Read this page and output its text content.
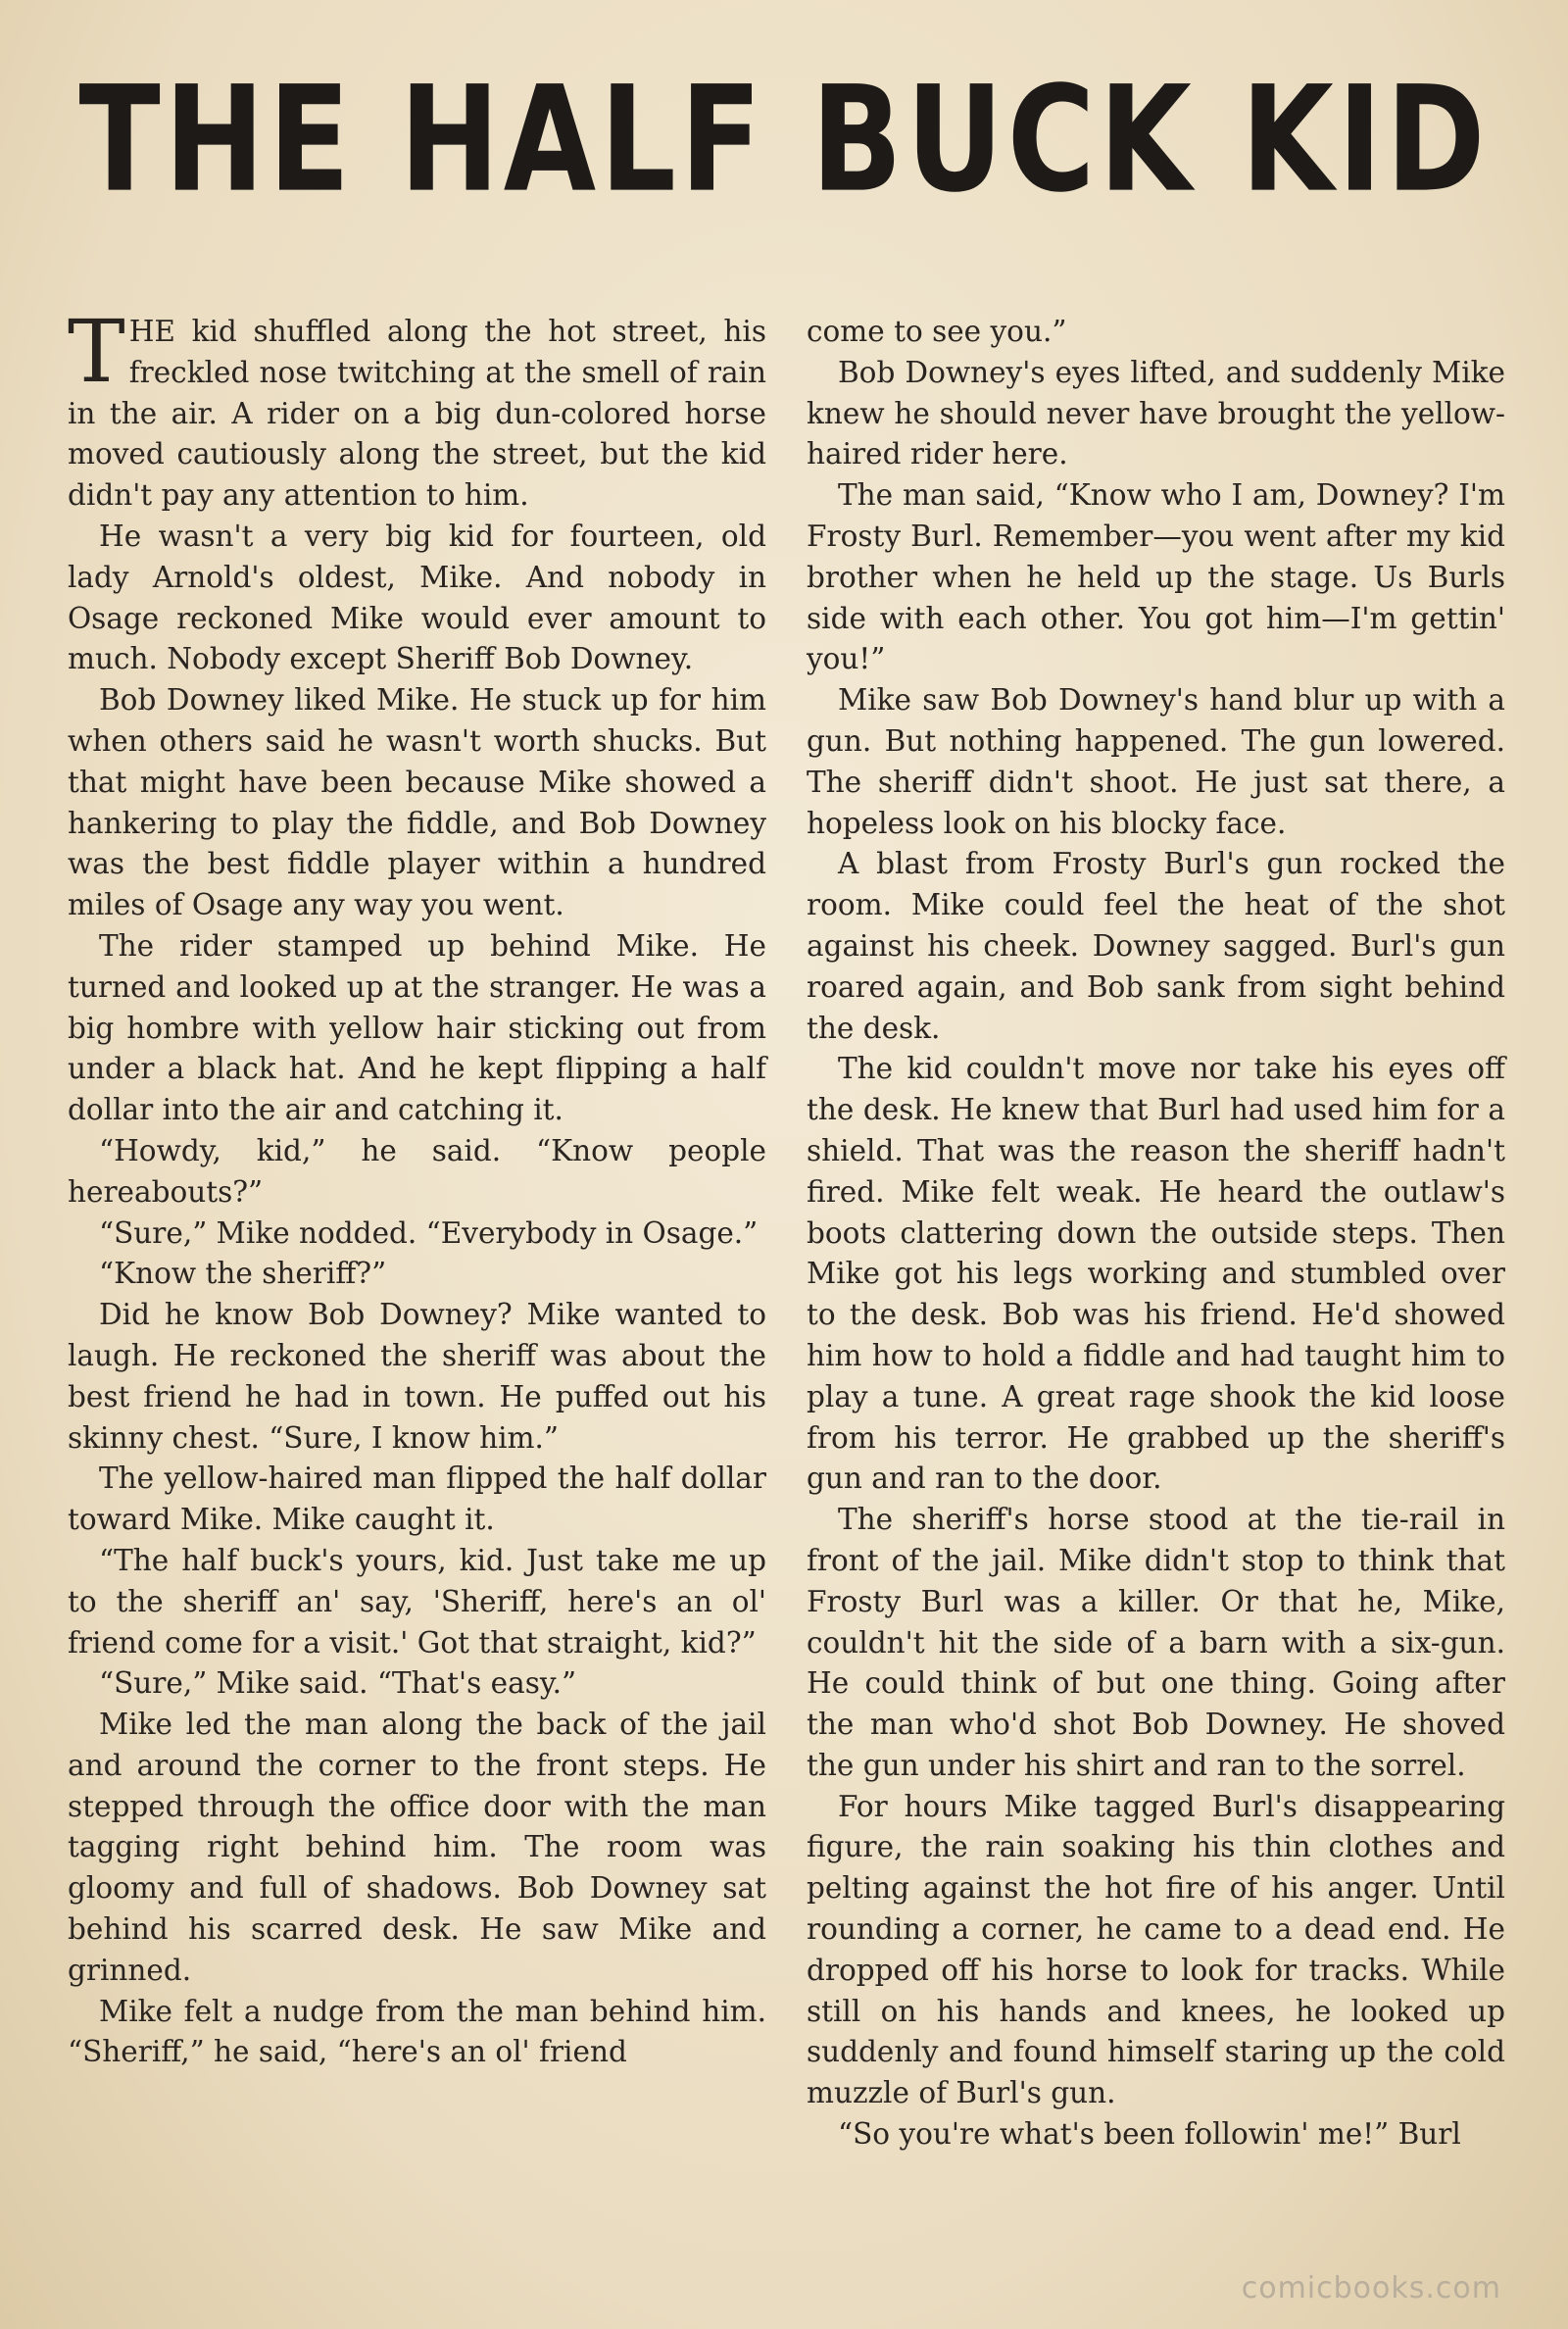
THE HALF BUCK KID

THE kid shuffled along the hot street, his freckled nose twitching at the smell of rain in the air. A rider on a big dun-colored horse moved cautiously along the street, but the kid didn't pay any attention to him.

He wasn't a very big kid for fourteen, old lady Arnold's oldest, Mike. And nobody in Osage reckoned Mike would ever amount to much. Nobody except Sheriff Bob Downey.

Bob Downey liked Mike. He stuck up for him when others said he wasn't worth shucks. But that might have been because Mike showed a hankering to play the fiddle, and Bob Downey was the best fiddle player within a hundred miles of Osage any way you went.

The rider stamped up behind Mike. He turned and looked up at the stranger. He was a big hombre with yellow hair sticking out from under a black hat. And he kept flipping a half dollar into the air and catching it.

“Howdy, kid,” he said. “Know people hereabouts?”

“Sure,” Mike nodded. “Everybody in Osage.”

“Know the sheriff?”

Did he know Bob Downey? Mike wanted to laugh. He reckoned the sheriff was about the best friend he had in town. He puffed out his skinny chest. “Sure, I know him.”

The yellow-haired man flipped the half dollar toward Mike. Mike caught it.

“The half buck's yours, kid. Just take me up to the sheriff an' say, 'Sheriff, here's an ol' friend come for a visit.' Got that straight, kid?”

“Sure,” Mike said. “That's easy.”

Mike led the man along the back of the jail and around the corner to the front steps. He stepped through the office door with the man tagging right behind him. The room was gloomy and full of shadows. Bob Downey sat behind his scarred desk. He saw Mike and grinned.

Mike felt a nudge from the man behind him. “Sheriff,” he said, “here's an ol' friend

come to see you.”

Bob Downey's eyes lifted, and suddenly Mike knew he should never have brought the yellow-haired rider here.

The man said, “Know who I am, Downey? I'm Frosty Burl. Remember—you went after my kid brother when he held up the stage. Us Burls side with each other. You got him—I'm gettin' you!”

Mike saw Bob Downey's hand blur up with a gun. But nothing happened. The gun lowered. The sheriff didn't shoot. He just sat there, a hopeless look on his blocky face.

A blast from Frosty Burl's gun rocked the room. Mike could feel the heat of the shot against his cheek. Downey sagged. Burl's gun roared again, and Bob sank from sight behind the desk.

The kid couldn't move nor take his eyes off the desk. He knew that Burl had used him for a shield. That was the reason the sheriff hadn't fired. Mike felt weak. He heard the outlaw's boots clattering down the outside steps. Then Mike got his legs working and stumbled over to the desk. Bob was his friend. He'd showed him how to hold a fiddle and had taught him to play a tune. A great rage shook the kid loose from his terror. He grabbed up the sheriff's gun and ran to the door.

The sheriff's horse stood at the tie-rail in front of the jail. Mike didn't stop to think that Frosty Burl was a killer. Or that he, Mike, couldn't hit the side of a barn with a six-gun. He could think of but one thing. Going after the man who'd shot Bob Downey. He shoved the gun under his shirt and ran to the sorrel.

For hours Mike tagged Burl's disappearing figure, the rain soaking his thin clothes and pelting against the hot fire of his anger. Until rounding a corner, he came to a dead end. He dropped off his horse to look for tracks. While still on his hands and knees, he looked up suddenly and found himself staring up the cold muzzle of Burl's gun.

“So you're what's been followin' me!” Burl

comicbooks.com
